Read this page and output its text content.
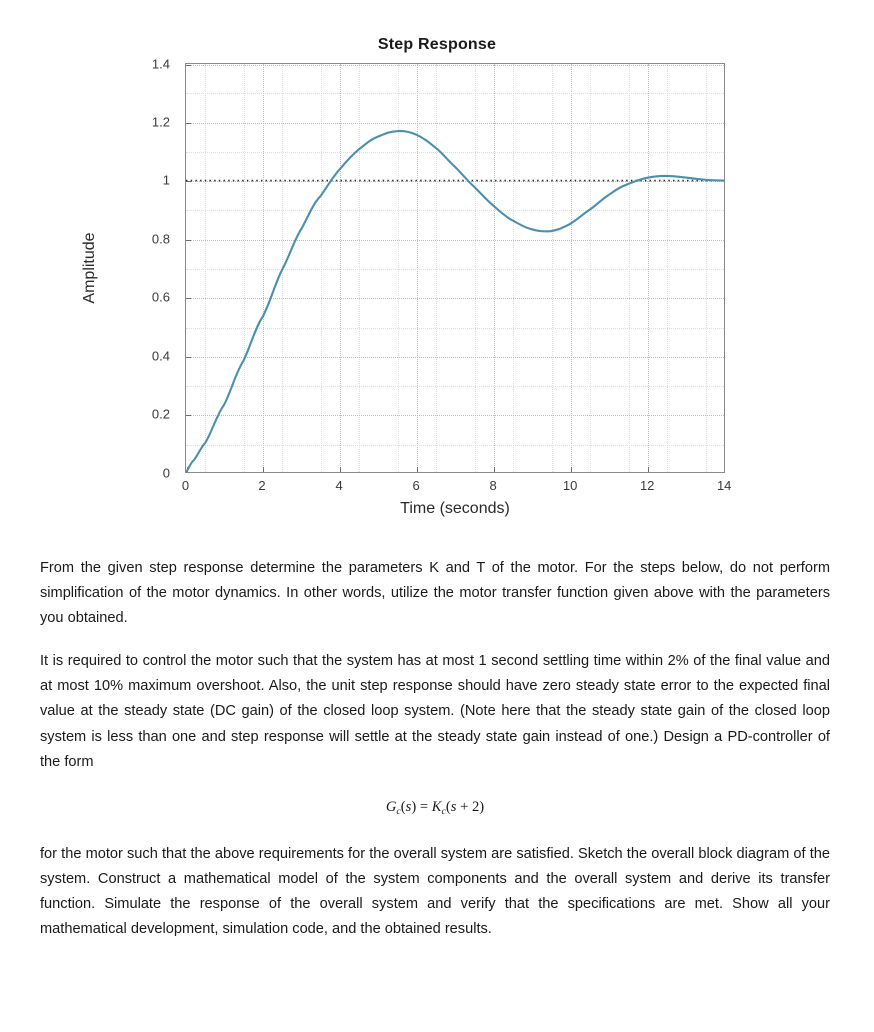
Step Response
0	2	4	6	8	10	12	14
0
0.2
0.4
0.6
0.8
1
1.2
1.4
Time (seconds)
Amplitude

From the given step response determine the parameters K and T of the motor. For the steps below, do not perform simplification of the motor dynamics. In other words, utilize the motor transfer function given above with the parameters you obtained.

It is required to control the motor such that the system has at most 1 second settling time within 2% of the final value and at most 10% maximum overshoot. Also, the unit step response should have zero steady state error to the expected final value at the steady state (DC gain) of the closed loop system. (Note here that the steady state gain of the closed loop system is less than one and step response will settle at the steady state gain instead of one.) Design a PD-controller of the form

$G_c(s) = K_c(s + 2)$

for the motor such that the above requirements for the overall system are satisfied. Sketch the overall block diagram of the system. Construct a mathematical model of the system components and the overall system and derive its transfer function. Simulate the response of the overall system and verify that the specifications are met. Show all your mathematical development, simulation code, and the obtained results.
